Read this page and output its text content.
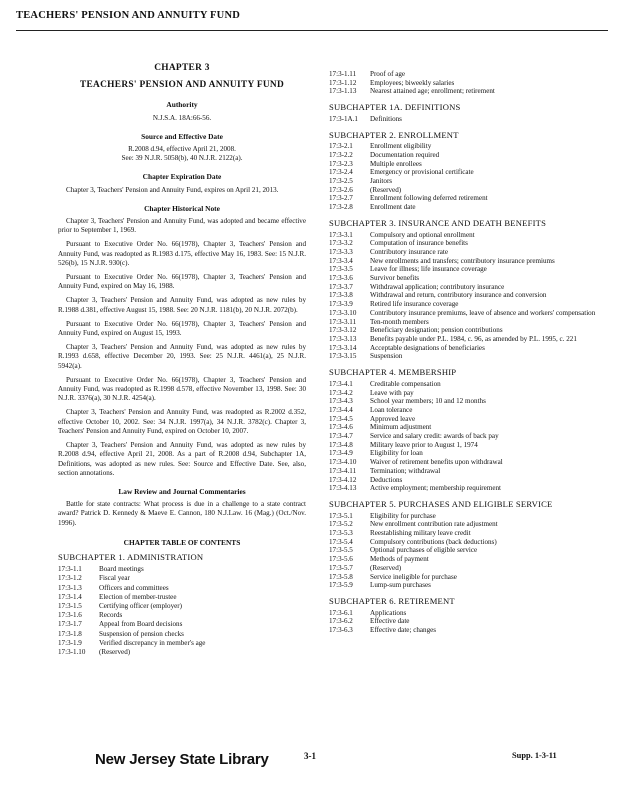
TEACHERS' PENSION AND ANNUITY FUND
CHAPTER 3
TEACHERS' PENSION AND ANNUITY FUND
Authority

N.J.S.A. 18A:66-56.

Source and Effective Date
R.2008 d.94, effective April 21, 2008.
See: 39 N.J.R. 5058(b), 40 N.J.R. 2122(a).
Chapter Expiration Date

Chapter 3, Teachers' Pension and Annuity Fund, expires on April 21, 2013.

Chapter Historical Note

Chapter 3, Teachers' Pension and Annuity Fund, was adopted and became effective prior to September 1, 1969.

Pursuant to Executive Order No. 66(1978), Chapter 3, Teachers' Pension and Annuity Fund, was readopted as R.1983 d.175, effective May 16, 1983. See: 15 N.J.R. 526(b), 15 N.J.R. 930(c).

Pursuant to Executive Order No. 66(1978), Chapter 3, Teachers' Pension and Annuity Fund, expired on May 16, 1988.

Chapter 3, Teachers' Pension and Annuity Fund, was adopted as new rules by R.1988 d.381, effective August 15, 1988. See: 20 N.J.R. 1181(b), 20 N.J.R. 2072(b).

Pursuant to Executive Order No. 66(1978), Chapter 3, Teachers' Pension and Annuity Fund, expired on August 15, 1993.

Chapter 3, Teachers' Pension and Annuity Fund, was adopted as new rules by R.1993 d.658, effective December 20, 1993. See: 25 N.J.R. 4461(a), 25 N.J.R. 5942(a).

Pursuant to Executive Order No. 66(1978), Chapter 3, Teachers' Pension and Annuity Fund, was readopted as R.1998 d.578, effective November 13, 1998. See: 30 N.J.R. 3376(a), 30 N.J.R. 4254(a).

Chapter 3, Teachers' Pension and Annuity Fund, was readopted as R.2002 d.352, effective October 10, 2002. See: 34 N.J.R. 1997(a), 34 N.J.R. 3782(c). Chapter 3, Teachers' Pension and Annuity Fund, expired on October 10, 2007.

Chapter 3, Teachers' Pension and Annuity Fund, was adopted as new rules by R.2008 d.94, effective April 21, 2008. As a part of R.2008 d.94, Subchapter 1A, Definitions, was adopted as new rules. See: Source and Effective Date. See, also, section annotations.

Law Review and Journal Commentaries

Battle for state contracts: What process is due in a challenge to a state contract award? Patrick D. Kennedy & Maeve E. Cannon, 180 N.J.Law. 16 (Mag.) (Oct./Nov. 1996).

CHAPTER TABLE OF CONTENTS
SUBCHAPTER 1. ADMINISTRATION
17:3-1.1	Board meetings
17:3-1.2	Fiscal year
17:3-1.3	Officers and committees
17:3-1.4	Election of member-trustee
17:3-1.5	Certifying officer (employer)
17:3-1.6	Records
17:3-1.7	Appeal from Board decisions
17:3-1.8	Suspension of pension checks
17:3-1.9	Verified discrepancy in member's age
17:3-1.10	(Reserved)
17:3-1.11	Proof of age
17:3-1.12	Employees; biweekly salaries
17:3-1.13	Nearest attained age; enrollment; retirement
SUBCHAPTER 1A. DEFINITIONS
17:3-1A.1	Definitions
SUBCHAPTER 2. ENROLLMENT
17:3-2.1	Enrollment eligibility
17:3-2.2	Documentation required
17:3-2.3	Multiple enrollees
17:3-2.4	Emergency or provisional certificate
17:3-2.5	Janitors
17:3-2.6	(Reserved)
17:3-2.7	Enrollment following deferred retirement
17:3-2.8	Enrollment date
SUBCHAPTER 3. INSURANCE AND DEATH BENEFITS
17:3-3.1	Compulsory and optional enrollment
17:3-3.2	Computation of insurance benefits
17:3-3.3	Contributory insurance rate
17:3-3.4	New enrollments and transfers; contributory insurance premiums
17:3-3.5	Leave for illness; life insurance coverage
17:3-3.6	Survivor benefits
17:3-3.7	Withdrawal application; contributory insurance
17:3-3.8	Withdrawal and return, contributory insurance and conversion
17:3-3.9	Retired life insurance coverage
17:3-3.10	Contributory insurance premiums, leave of absence and workers' compensation
17:3-3.11	Ten-month members
17:3-3.12	Beneficiary designation; pension contributions
17:3-3.13	Benefits payable under P.L. 1984, c. 96, as amended by P.L. 1995, c. 221
17:3-3.14	Acceptable designations of beneficiaries
17:3-3.15	Suspension
SUBCHAPTER 4. MEMBERSHIP
17:3-4.1	Creditable compensation
17:3-4.2	Leave with pay
17:3-4.3	School year members; 10 and 12 months
17:3-4.4	Loan tolerance
17:3-4.5	Approved leave
17:3-4.6	Minimum adjustment
17:3-4.7	Service and salary credit: awards of back pay
17:3-4.8	Military leave prior to August 1, 1974
17:3-4.9	Eligibility for loan
17:3-4.10	Waiver of retirement benefits upon withdrawal
17:3-4.11	Termination; withdrawal
17:3-4.12	Deductions
17:3-4.13	Active employment; membership requirement
SUBCHAPTER 5. PURCHASES AND ELIGIBLE SERVICE
17:3-5.1	Eligibility for purchase
17:3-5.2	New enrollment contribution rate adjustment
17:3-5.3	Reestablishing military leave credit
17:3-5.4	Compulsory contributions (back deductions)
17:3-5.5	Optional purchases of eligible service
17:3-5.6	Methods of payment
17:3-5.7	(Reserved)
17:3-5.8	Service ineligible for purchase
17:3-5.9	Lump-sum purchases
SUBCHAPTER 6. RETIREMENT
17:3-6.1	Applications
17:3-6.2	Effective date
17:3-6.3	Effective date; changes
New Jersey State Library	3-1	Supp. 1-3-11
